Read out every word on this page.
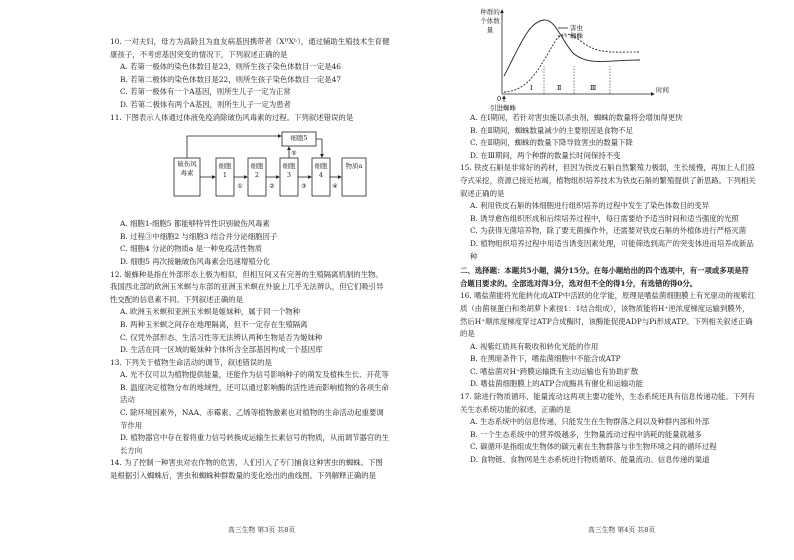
10. 一对夫妇，母方为高龄且为血友病基因携带者（XᴴXʰ），通过辅助生殖技术生育健康孩子，不考虑基因突变的情况下，下列叙述正确的是
A. 若第一极体的染色体数目是23，则所生孩子染色体数目一定是46
B. 若第二极体的染色体数目是22，则所生孩子染色体数目一定是47
C. 若第一极体有一个A基因，则所生儿子一定为正常
D. 若第二极体有两个A基因，则所生儿子一定为患者
11. 下图表示人体通过体液免疫消除破伤风毒素的过程。下列叙述错误的是
破伤风毒素
细胞1
细胞2
细胞3
细胞4
物质a
细胞5
①	②	③	④
⑤
A. 细胞1-细胞5 都能够特异性识别破伤风毒素
B. 过程③中细胞2 与细胞3 结合并分泌细胞因子
C. 细胞4 分泌的物质a 是一种免疫活性物质
D. 细胞5 再次接触破伤风毒素会迅速增殖分化
12. 姬蜂种是指在外部形态上极为相似，但相互间又有完善的生殖隔离机制的生物。我国西北部的欧洲玉米螟与东部的亚洲玉米螟在外貌上几乎无法辨认，但它们吸引异性交配的信息素不同。下列叙述正确的是
A. 欧洲玉米螟和亚洲玉米螟是姬妹种，属于同一个物种
B. 两种玉米螟之间存在地理隔离，但不一定存在生殖隔离
C. 仅凭外部形态、生活习性等无法辨认两种生物是否为姬妹种
D. 生活在同一区域的姬妹种个体所含全部基因构成一个基因库
13. 下列关于植物生命活动的调节，叙述错误的是
A. 光不仅可以为植物提供能量，还能作为信号影响种子的萌发及植株生长、开花等
B. 温度决定植物分布的地域性，还可以通过影响酶的活性进而影响植物的各项生命活动
C. 除环境因素外，NAA、赤霉素、乙烯等植物激素也对植物的生命活动起重要调节作用
D. 植物器官中存在着将重力信号转换成运输生长素信号的物质，从而调节器官的生长方向
14. 为了控制一种害虫对农作物的危害，人们引入了专门捕食这种害虫的蜘蛛。下图是根据引入蜘蛛后，害虫和蜘蛛种群数量的变化绘出的曲线图。下列解释正确的是
种群的个体数量
时间
0
害虫
蜘蛛
Ⅰ	Ⅱ	Ⅲ
引进蜘蛛
A. 在Ⅰ期间，若针对害虫施以杀虫剂，蜘蛛的数量将会增加得更快
B. 在Ⅱ期间，蜘蛛数量减少的主要原因是食物不足
C. 在Ⅱ期间，蜘蛛的数量下降导致害虫的数量下降
D. 在Ⅲ期间，两个种群的数量长时间保持不变
15. 铁皮石斛是非常好的药材，但因为铁皮石斛自然繁殖力极弱，生长缓慢，再加上人们掠夺式采挖，资源已接近枯竭，植物组织培养技术为铁皮石斛的繁殖提供了新思路。下列相关叙述正确的是
A. 利用铁皮石斛的体细胞进行组织培养的过程中发生了染色体数目的变异
B. 诱导愈伤组织形成和后续培养过程中，每日需要给予适当时间和适当强度的光照
C. 为获得无菌培养物，除了要无菌操作外，还需要对铁皮石斛的外植体进行严格灭菌
D. 植物组织培养过程中用适当诱变因素处理，可能筛选到高产的突变体进而培养成新品种
二、选择题：本题共5小题，满分15分。在每小题给出的四个选项中，有一项或多项是符合题目要求的。全部选对得3分，选对但不全的得1分，有选错的得0分。
16. 嗜盐菌能将光能转化成ATP中活跃的化学能，原理是嗜盐菌细胞膜上有光驱动的视紫红质（由菌视蛋白和类胡萝卜素按1：1结合组成），该物质能将H⁺逆浓度梯度运输到膜外，然后H⁺顺浓度梯度穿过ATP合成酶时，该酶能促使ADP与Pi形成ATP。下列相关叙述正确的是
A. 视紫红质具有吸收和转化光能的作用
B. 在黑暗条件下，嗜盐菌细胞中不能合成ATP
C. 嗜盐菌对H⁺跨膜运输既有主动运输也有协助扩散
D. 嗜盐菌细胞膜上的ATP合成酶具有催化和运输功能
17. 除进行物质循环、能量流动这两项主要功能外，生态系统还具有信息传递功能。下列有关生态系统功能的叙述，正确的是
A. 生态系统中的信息传递，只能发生在生物群落之间以及种群内部和外部
B. 一个生态系统中的营养级越多，生物量流动过程中消耗的能量就越多
C. 碳循环是指组成生物体的碳元素在生物群落与非生物环境之间的循环过程
D. 食物链、食物网是生态系统进行物质循环、能量流动、信息传递的渠道
高三生物 第3页 共8页	高三生物 第4页 共8页
